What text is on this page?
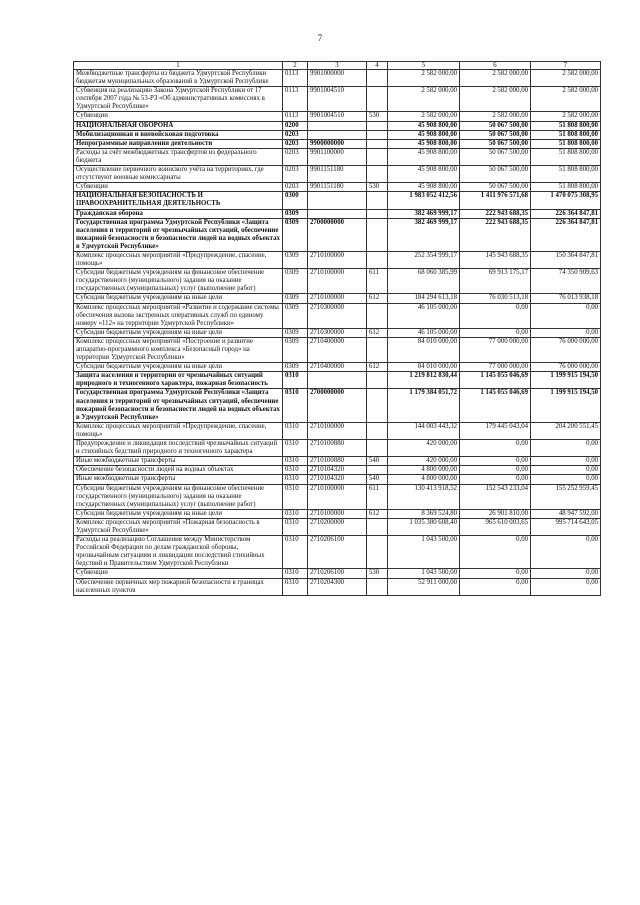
7
1	2	3	4	5	6	7
Межбюджетные трансферты из бюджета Удмуртской Республики бюджетам муниципальных образований в Удмуртской Республике	0113	9901000000		2 582 000,00	2 582 000,00	2 582 000,00
Субвенция на реализацию Закона Удмуртской Республики от 17 сентября 2007 года № 53-РЗ «Об административных комиссиях в Удмуртской Республике»	0113	9901004510		2 582 000,00	2 582 000,00	2 582 000,00
Субвенции	0113	9901004510	530	2 582 000,00	2 582 000,00	2 582 000,00
НАЦИОНАЛЬНАЯ ОБОРОНА	0200			45 908 800,00	50 067 500,00	51 808 800,00
Мобилизационная и вневойсковая подготовка	0203			45 908 800,00	50 067 500,00	51 808 800,00
Непрограммные направления деятельности	0203	9900000000		45 908 800,00	50 067 500,00	51 808 800,00
Расходы за счёт межбюджетных трансфертов из федерального бюджета	0203	9901100000		45 908 800,00	50 067 500,00	51 808 800,00
Осуществление первичного воинского учёта на территориях, где отсутствуют военные комиссариаты	0203	9901151180		45 908 800,00	50 067 500,00	51 808 800,00
Субвенции	0203	9901151180	530	45 908 800,00	50 067 500,00	51 808 800,00
НАЦИОНАЛЬНАЯ БЕЗОПАСНОСТЬ И ПРАВООХРАНИТЕЛЬНАЯ ДЕЯТЕЛЬНОСТЬ	0300			1 983 052 412,56	1 411 976 571,68	1 470 075 308,95
Гражданская оборона	0309			382 469 999,17	222 943 688,35	226 364 847,81
Государственная программа Удмуртской Республики «Защита населения и территорий от чрезвычайных ситуаций, обеспечение пожарной безопасности и безопасности людей на водных объектах в Удмуртской Республике»	0309	2700000000		382 469 999,17	222 943 688,35	226 364 847,81
Комплекс процессных мероприятий «Предупреждение, спасение, помощь»	0309	2710100000		252 354 999,17	145 943 688,35	150 364 847,81
Субсидии бюджетным учреждениям на финансовое обеспечение государственного (муниципального) задания на оказание государственных (муниципальных) услуг (выполнение работ)	0309	2710100000	611	68 060 385,99	69 913 175,17	74 350 909,63
Субсидии бюджетным учреждениям на иные цели	0309	2710100000	612	184 294 613,18	76 030 513,18	76 013 938,18
Комплекс процессных мероприятий «Развитие и содержание системы обеспечения вызова экстренных оперативных служб по единому номеру «112» на территории Удмуртской Республики»	0309	2710300000		46 105 000,00	0,00	0,00
Субсидии бюджетным учреждениям на иные цели	0309	2710300000	612	46 105 000,00	0,00	0,00
Комплекс процессных мероприятий «Построение и развитие аппаратно-программного комплекса «Безопасный город» на территории Удмуртской Республики»	0309	2710400000		84 010 000,00	77 000 000,00	76 000 000,00
Субсидии бюджетным учреждениям на иные цели	0309	2710400000	612	84 010 000,00	77 000 000,00	76 000 000,00
Защита населения и территории от чрезвычайных ситуаций природного и техногенного характера, пожарная безопасность	0310			1 219 812 830,44	1 145 055 046,69	1 199 915 194,50
Государственная программа Удмуртской Республики «Защита населения и территорий от чрезвычайных ситуаций, обеспечение пожарной безопасности и безопасности людей на водных объектах в Удмуртской Республике»	0310	2700000000		1 179 384 051,72	1 145 055 046,69	1 199 915 194,50
Комплекс процессных мероприятий «Предупреждение, спасение, помощь»	0310	2710100000		144 003 443,32	179 445 043,04	204 200 551,45
Предупреждение и ликвидация последствий чрезвычайных ситуаций и стихийных бедствий природного и техногенного характера	0310	2710100880		420 000,00	0,00	0,00
Иные межбюджетные трансферты	0310	2710100880	540	420 000,00	0,00	0,00
Обеспечение безопасности людей на водных объектах	0310	2710104320		4 800 000,00	0,00	0,00
Иные межбюджетные трансферты	0310	2710104320	540	4 800 000,00	0,00	0,00
Субсидии бюджетным учреждениям на финансовое обеспечение государственного (муниципального) задания на оказание государственных (муниципальных) услуг (выполнение работ)	0310	2710100000	611	130 413 918,52	152 543 233,04	155 252 959,45
Субсидии бюджетным учреждениям на иные цели	0310	2710100000	612	8 369 524,80	26 901 810,00	48 947 592,00
Комплекс процессных мероприятий «Пожарная безопасность в Удмуртской Республике»	0310	2710200000		1 035 380 608,40	965 610 003,65	995 714 643,05
Расходы на реализацию Соглашения между Министерством Российской Федерации по делам гражданской обороны, чрезвычайным ситуациям и ликвидации последствий стихийных бедствий и Правительством Удмуртской Республики	0310	2710206100		1 043 500,00	0,00	0,00
Субвенции	0310	2710206100	530	1 043 500,00	0,00	0,00
Обеспечение первичных мер пожарной безопасности в границах населенных пунктов	0310	2710204300		52 911 000,00	0,00	0,00
